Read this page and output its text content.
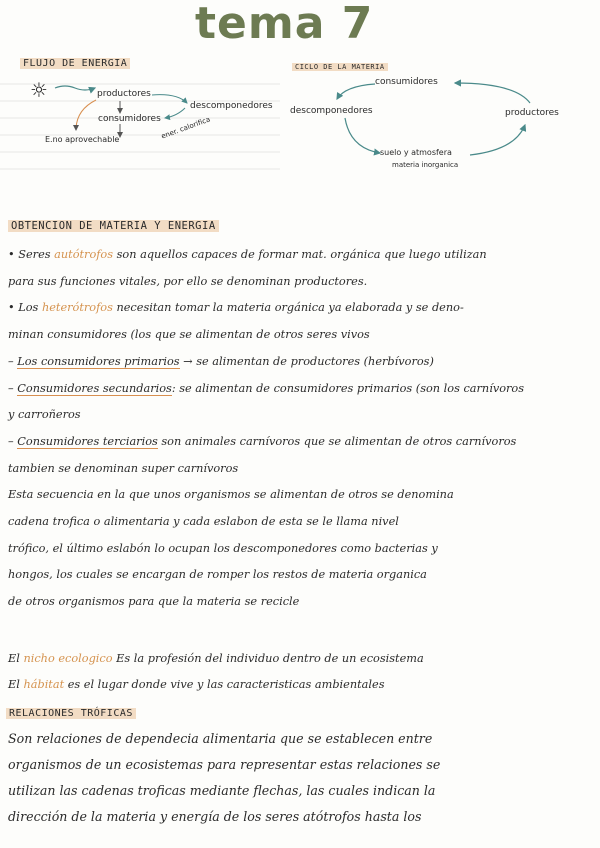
tema 7
FLUJO DE ENERGIA
☼	productores
descomponedores
consumidores
E.no aprovechable	ener. calorifica
CICLO DE LA MATERIA
consumidores
descomponedores	productores
suelo y atmosfera
materia inorganica
OBTENCION DE MATERIA Y ENERGIA
• Seres autótrofos son aquellos capaces de formar mat. orgánica que luego utilizan
para sus funciones vitales, por ello se denominan productores.
• Los heterótrofos necesitan tomar la materia orgánica ya elaborada y se deno-
minan consumidores (los que se alimentan de otros seres vivos
– Los consumidores primarios → se alimentan de productores (herbívoros)
– Consumidores secundarios: se alimentan de consumidores primarios (son los carnívoros
y carroñeros
– Consumidores terciarios son animales carnívoros que se alimentan de otros carnívoros
tambien se denominan super carnívoros
Esta secuencia en la que unos organismos se alimentan de otros se denomina
cadena trofica o alimentaria y cada eslabon de esta se le llama nivel
trófico, el último eslabón lo ocupan los descomponedores como bacterias y
hongos, los cuales se encargan de romper los restos de materia organica
de otros organismos para que la materia se recicle
El nicho ecologico Es la profesión del individuo dentro de un ecosistema
El hábitat es el lugar donde vive y las caracteristicas ambientales
RELACIONES TRÓFICAS
Son relaciones de dependecia alimentaria que se establecen entre
organismos de un ecosistemas para representar estas relaciones se
utilizan las cadenas troficas mediante flechas, las cuales indican la
dirección de la materia y energía de los seres atótrofos hasta los
